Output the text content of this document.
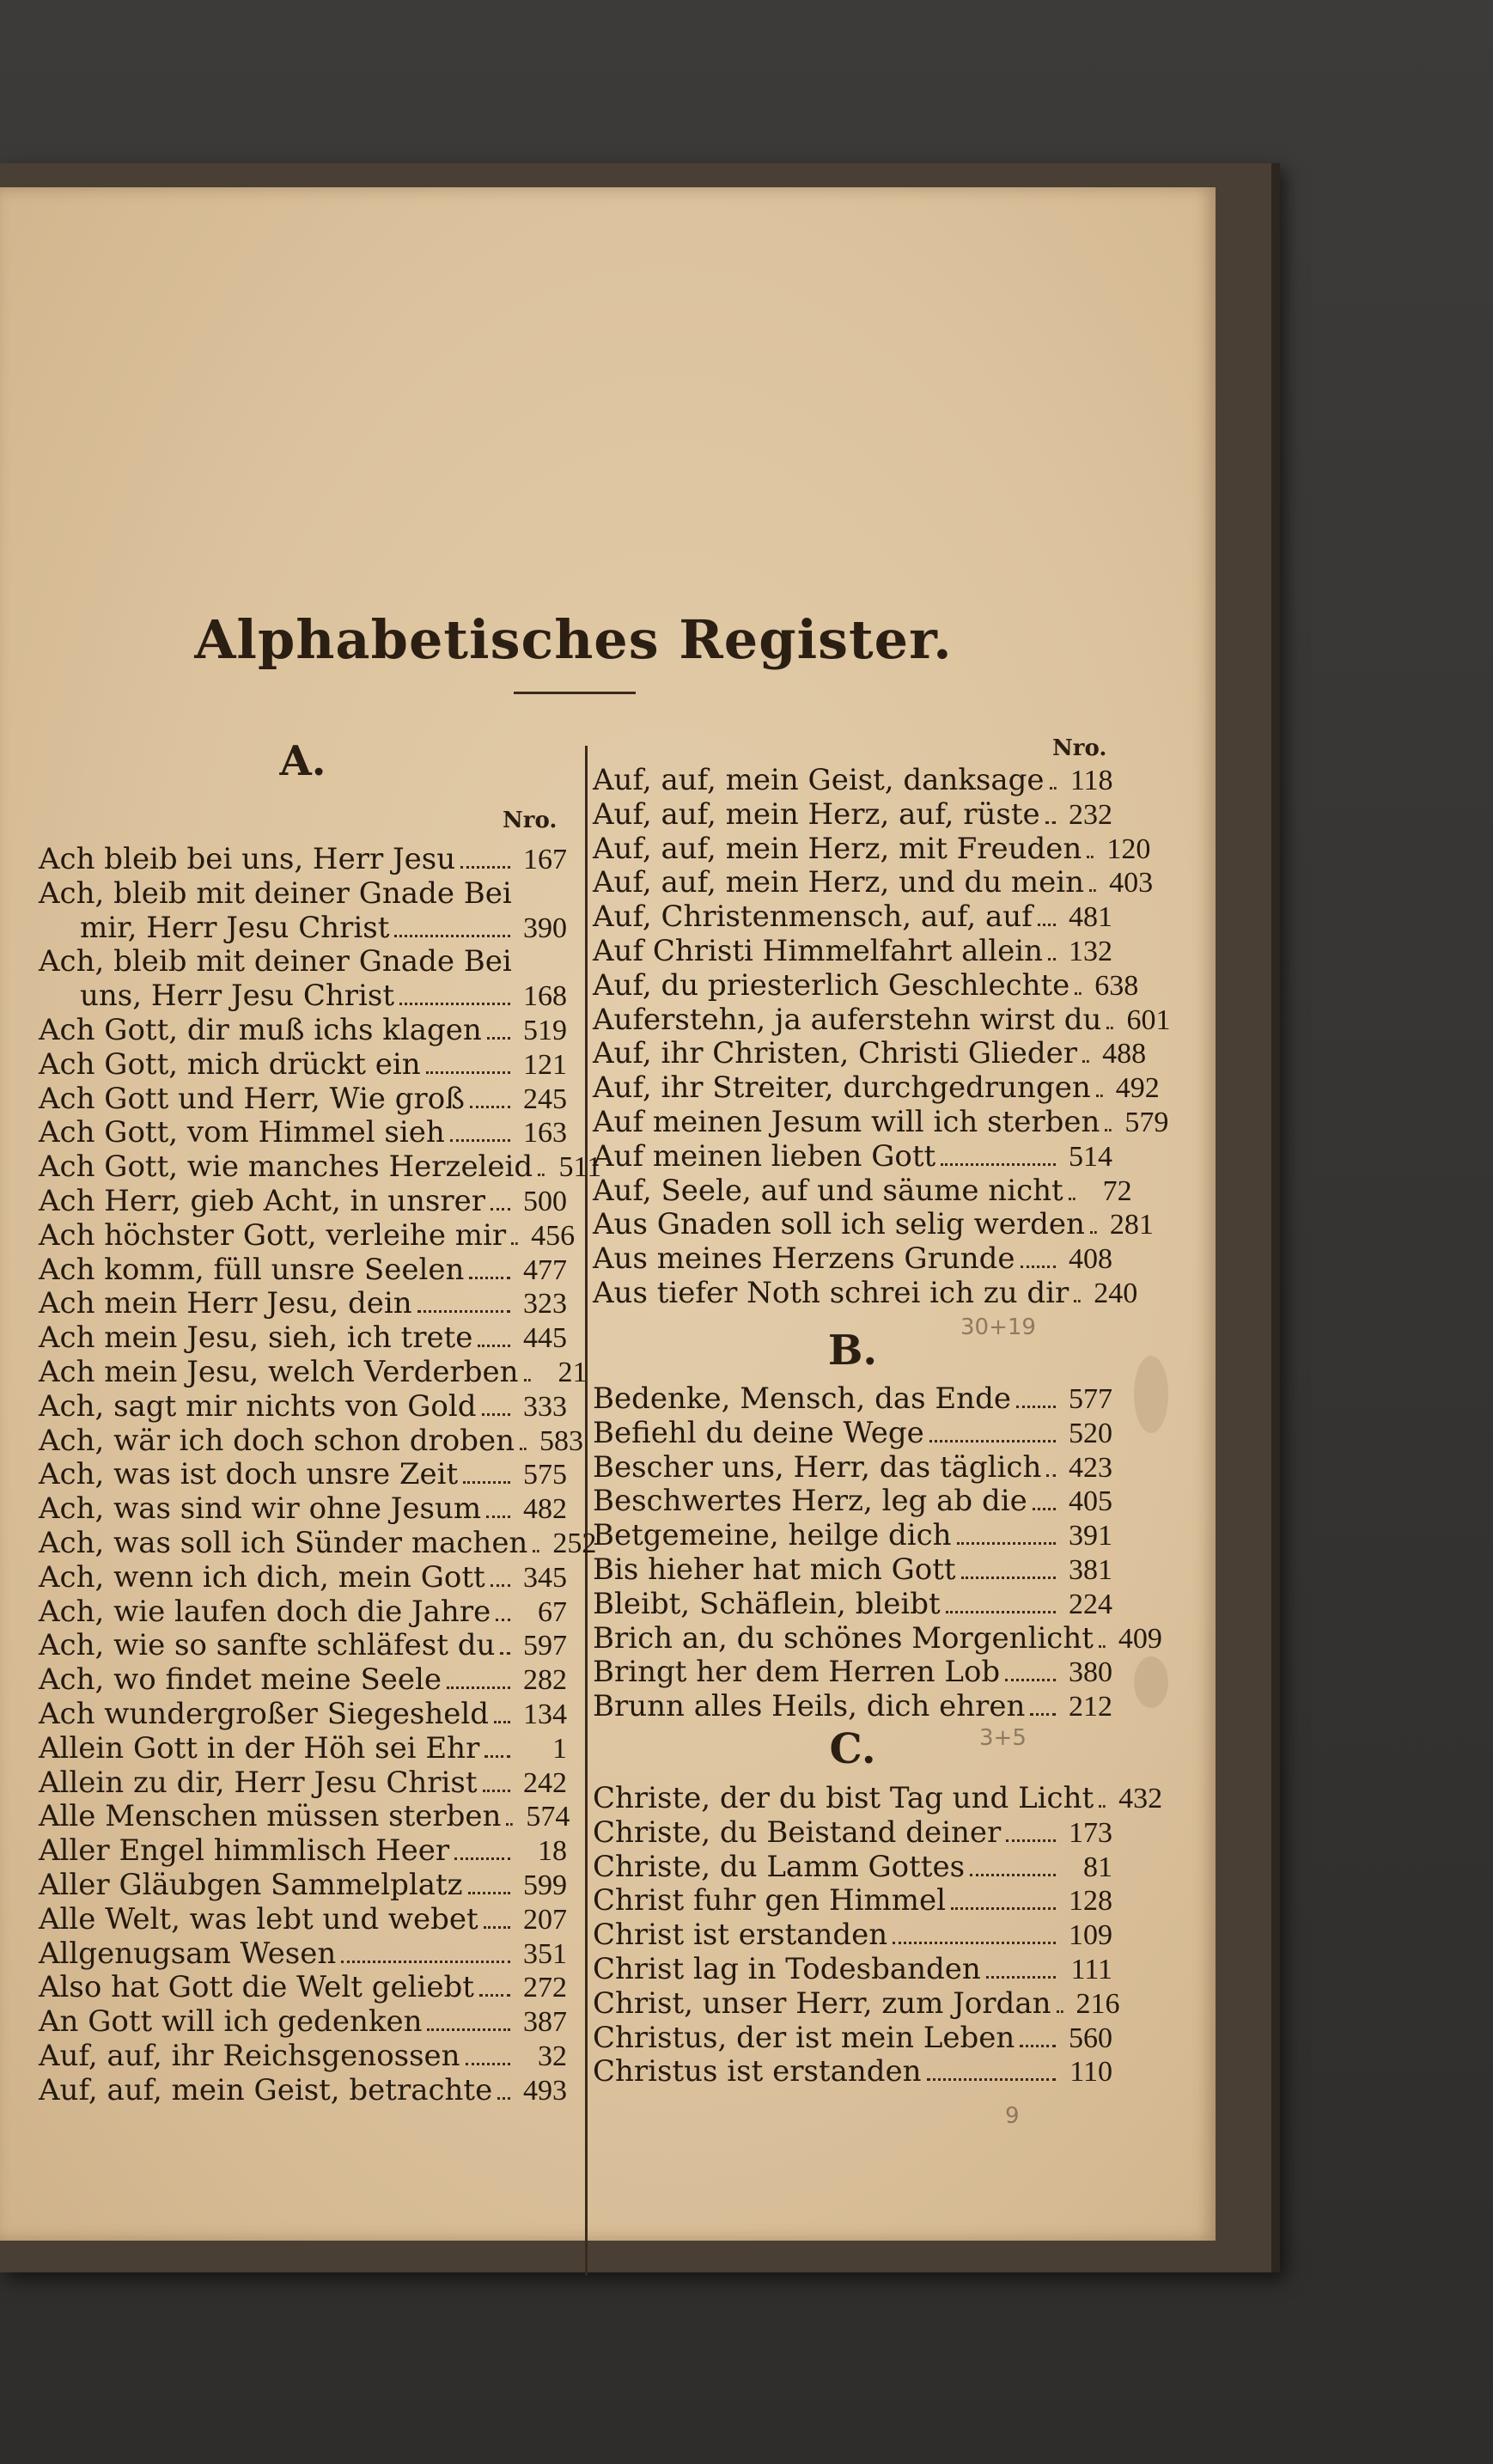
Alphabetisches Register.
A.
Nro.
Ach bleib bei uns, Herr Jesu 167
Ach, bleib mit deiner Gnade Bei
mir, Herr Jesu Christ	390
Ach, bleib mit deiner Gnade Bei
uns, Herr Jesu Christ	168
Ach Gott, dir muß ichs klagen 519
Ach Gott, mich drückt ein	121
Ach Gott und Herr, Wie groß 245
Ach Gott, vom Himmel sieh	163
Ach Gott, wie manches Herzeleid 511
Ach Herr, gieb Acht, in unsrer 500
Ach höchster Gott, verleihe mir 456
Ach komm, füll unsre Seelen 477
Ach mein Herr Jesu, dein	323
Ach mein Jesu, sieh, ich trete 445
Ach mein Jesu, welch Verderben	21
Ach, sagt mir nichts von Gold 333
Ach, wär ich doch schon droben 583
Ach, was ist doch unsre Zeit 575
Ach, was sind wir ohne Jesum 482
Ach, was soll ich Sünder machen 252
Ach, wenn ich dich, mein Gott 345
Ach, wie laufen doch die Jahre	67
Ach, wie so sanfte schläfest du 597
Ach, wo findet meine Seele	282
Ach wundergroßer Siegesheld 134
Allein Gott in der Höh sei Ehr	1
Allein zu dir, Herr Jesu Christ 242
Alle Menschen müssen sterben 574
Aller Engel himmlisch Heer	18
Aller Gläubgen Sammelplatz 599
Alle Welt, was lebt und webet 207
Allgenugsam Wesen	351
Also hat Gott die Welt geliebt 272
An Gott will ich gedenken	387
Auf, auf, ihr Reichsgenossen	32
Auf, auf, mein Geist, betrachte 493
Nro.
B.
C.
Auf, auf, mein Geist, danksage 118
Auf, auf, mein Herz, auf, rüste 232
Auf, auf, mein Herz, mit Freuden 120
Auf, auf, mein Herz, und du mein 403
Auf, Christenmensch, auf, auf 481
Auf Christi Himmelfahrt allein 132
Auf, du priesterlich Geschlechte 638
Auferstehn, ja auferstehn wirst du 601
Auf, ihr Christen, Christi Glieder 488
Auf, ihr Streiter, durchgedrungen 492
Auf meinen Jesum will ich sterben 579
Auf meinen lieben Gott	514
Auf, Seele, auf und säume nicht	72
Aus Gnaden soll ich selig werden 281
Aus meines Herzens Grunde 408
Aus tiefer Noth schrei ich zu dir 240
Bedenke, Mensch, das Ende 577
Befiehl du deine Wege	520
Bescher uns, Herr, das täglich 423
Beschwertes Herz, leg ab die 405
Betgemeine, heilge dich	391
Bis hieher hat mich Gott	381
Bleibt, Schäflein, bleibt	224
Brich an, du schönes Morgenlicht 409
Bringt her dem Herren Lob 380
Brunn alles Heils, dich ehren 212
Christe, der du bist Tag und Licht 432
Christe, du Beistand deiner 173
Christe, du Lamm Gottes	81
Christ fuhr gen Himmel	128
Christ ist erstanden	109
Christ lag in Todesbanden	111
Christ, unser Herr, zum Jordan 216
Christus, der ist mein Leben 560
Christus ist erstanden	110
30+19
3+5
9
